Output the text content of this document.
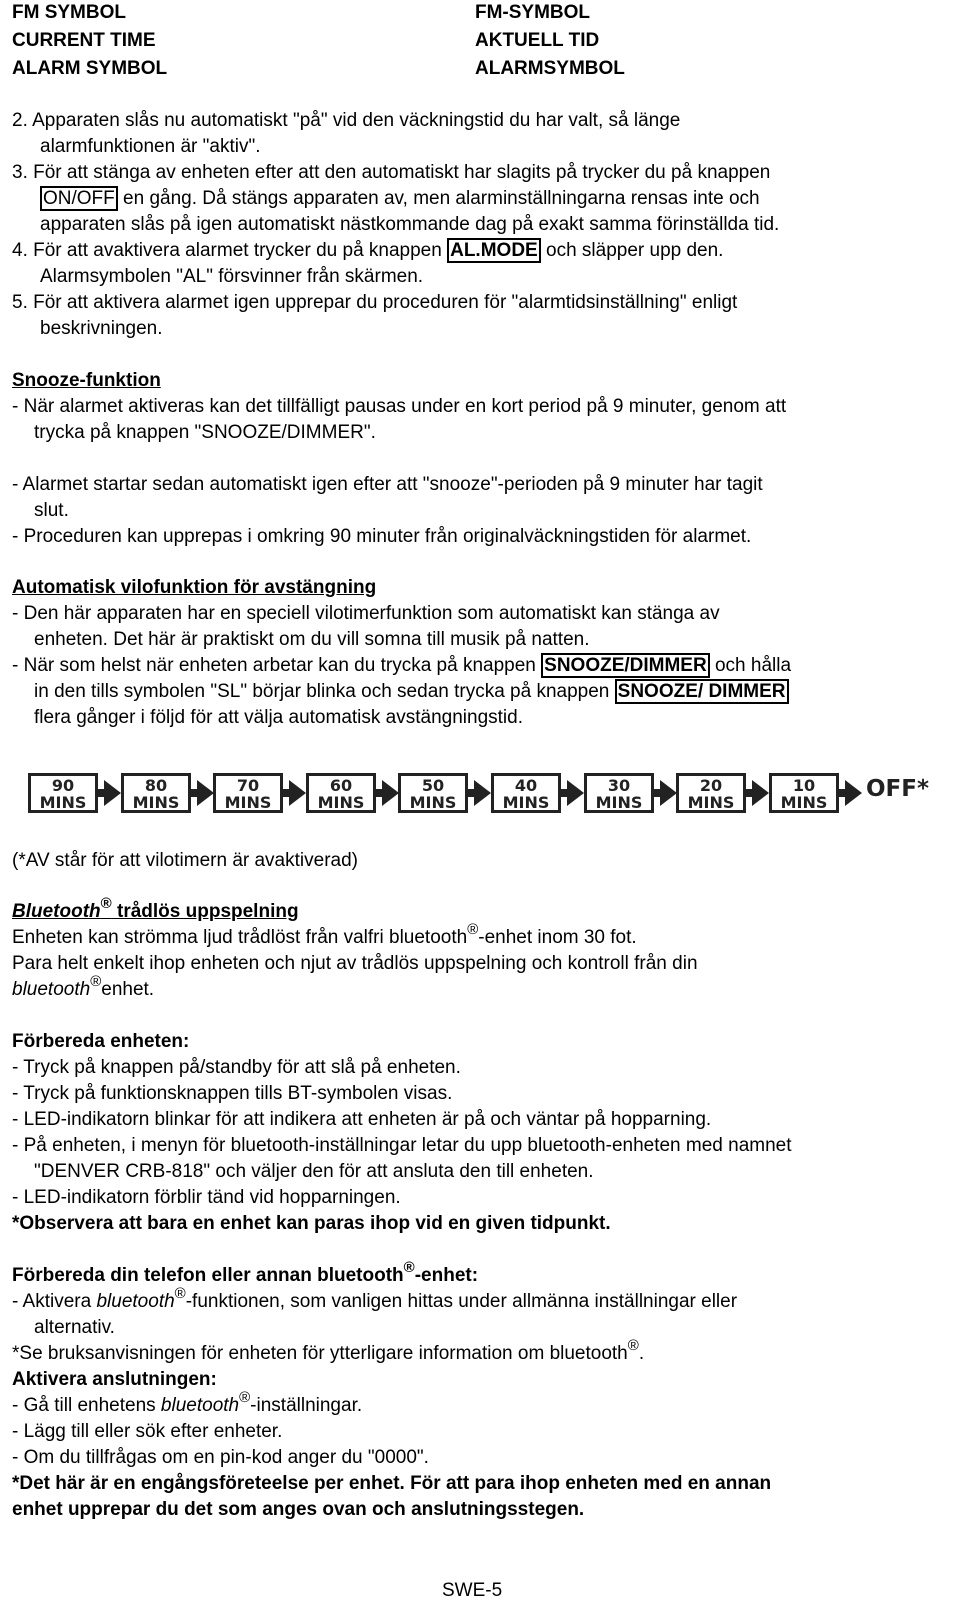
FM SYMBOL
CURRENT TIME
ALARM SYMBOL
FM-SYMBOL
AKTUELL TID
ALARMSYMBOL
2. Apparaten slås nu automatiskt "på" vid den väckningstid du har valt, så länge
alarmfunktionen är "aktiv".
3. För att stänga av enheten efter att den automatiskt har slagits på trycker du på knappen
ON/OFF en gång. Då stängs apparaten av, men alarminställningarna rensas inte och
apparaten slås på igen automatiskt nästkommande dag på exakt samma förinställda tid.
4. För att avaktivera alarmet trycker du på knappen AL.MODE och släpper upp den.
Alarmsymbolen "AL" försvinner från skärmen.
5. För att aktivera alarmet igen upprepar du proceduren för "alarmtidsinställning" enligt
beskrivningen.
Snooze-funktion
- När alarmet aktiveras kan det tillfälligt pausas under en kort period på 9 minuter, genom att
trycka på knappen "SNOOZE/DIMMER".
- Alarmet startar sedan automatiskt igen efter att "snooze"-perioden på 9 minuter har tagit
slut.
- Proceduren kan upprepas i omkring 90 minuter från originalväckningstiden för alarmet.
Automatisk vilofunktion för avstängning
- Den här apparaten har en speciell vilotimerfunktion som automatiskt kan stänga av
enheten. Det här är praktiskt om du vill somna till musik på natten.
- När som helst när enheten arbetar kan du trycka på knappen SNOOZE/DIMMER och hålla
in den tills symbolen "SL" börjar blinka och sedan trycka på knappen SNOOZE/ DIMMER
flera gånger i följd för att välja automatisk avstängningstid.
90
MINS
80
MINS
70
MINS
60
MINS
50
MINS
40
MINS
30
MINS
20
MINS
10
MINS
OFF*
(*AV står för att vilotimern är avaktiverad)
Bluetooth® trådlös uppspelning
Enheten kan strömma ljud trådlöst från valfri bluetooth®-enhet inom 30 fot.
Para helt enkelt ihop enheten och njut av trådlös uppspelning och kontroll från din
bluetooth®enhet.
Förbereda enheten:
- Tryck på knappen på/standby för att slå på enheten.
- Tryck på funktionsknappen tills BT-symbolen visas.
- LED-indikatorn blinkar för att indikera att enheten är på och väntar på hopparning.
- På enheten, i menyn för bluetooth-inställningar letar du upp bluetooth-enheten med namnet
"DENVER CRB-818" och väljer den för att ansluta den till enheten.
- LED-indikatorn förblir tänd vid hopparningen.
*Observera att bara en enhet kan paras ihop vid en given tidpunkt.
Förbereda din telefon eller annan bluetooth®-enhet:
- Aktivera bluetooth®-funktionen, som vanligen hittas under allmänna inställningar eller
alternativ.
*Se bruksanvisningen för enheten för ytterligare information om bluetooth®.
Aktivera anslutningen:
- Gå till enhetens bluetooth®-inställningar.
- Lägg till eller sök efter enheter.
- Om du tillfrågas om en pin-kod anger du "0000".
*Det här är en engångsföreteelse per enhet. För att para ihop enheten med en annan
enhet upprepar du det som anges ovan och anslutningsstegen.
SWE-5
